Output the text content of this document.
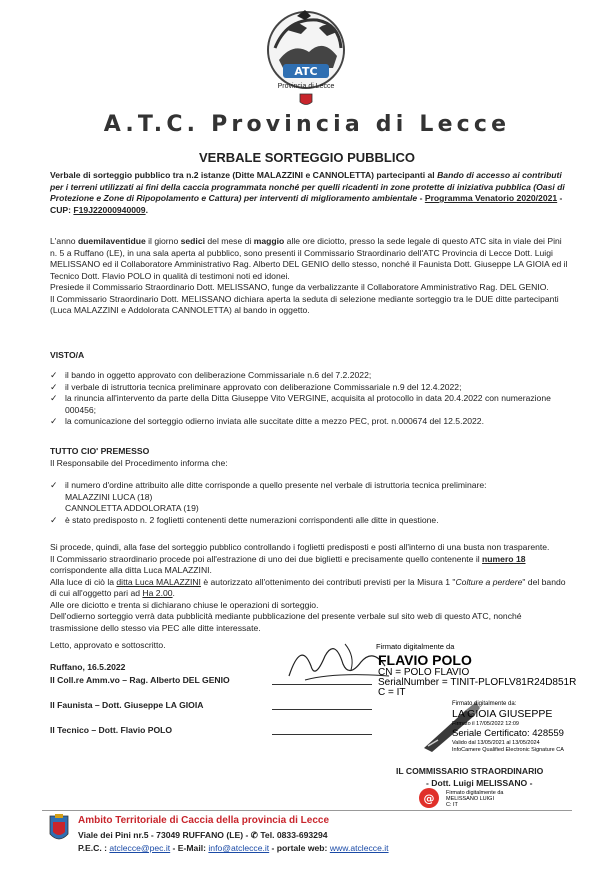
ATC
Provincia di Lecce
A.T.C. Provincia di Lecce
VERBALE SORTEGGIO PUBBLICO
Verbale di sorteggio pubblico tra n.2 istanze (Ditte MALAZZINI e CANNOLETTA) partecipanti al Bando di accesso ai contributi per i terreni utilizzati ai fini della caccia programmata nonché per quelli ricadenti in zone protette di iniziativa pubblica (Oasi di Protezione e Zone di Ripopolamento e Cattura) per interventi di miglioramento ambientale - Programma Venatorio 2020/2021 - CUP: F19J22000940009.
L'anno duemilaventidue il giorno sedici del mese di maggio alle ore diciotto, presso la sede legale di questo ATC sita in viale dei Pini n. 5 a Ruffano (LE), in una sala aperta al pubblico, sono presenti il Commissario Straordinario dell'ATC Provincia di Lecce Dott. Luigi MELISSANO ed il Collaboratore Amministrativo Rag. Alberto DEL GENIO dello stesso, nonché il Faunista Dott. Giuseppe LA GIOIA ed il Tecnico Dott. Flavio POLO in qualità di testimoni noti ed idonei.
Presiede il Commissario Straordinario Dott. MELISSANO, funge da verbalizzante il Collaboratore Amministrativo Rag. DEL GENIO.
Il Commissario Straordinario Dott. MELISSANO dichiara aperta la seduta di selezione mediante sorteggio tra le DUE ditte partecipanti (Luca MALAZZINI e Addolorata CANNOLETTA) al bando in oggetto.
VISTO/A
✓ il bando in oggetto approvato con deliberazione Commissariale n.6 del 7.2.2022;
✓ il verbale di istruttoria tecnica preliminare approvato con deliberazione Commissariale n.9 del 12.4.2022;
✓ la rinuncia all'intervento da parte della Ditta Giuseppe Vito VERGINE, acquisita al protocollo in data 20.4.2022 con numerazione 000456;
✓ la comunicazione del sorteggio odierno inviata alle succitate ditte a mezzo PEC, prot. n.000674 del 12.5.2022.
TUTTO CIO' PREMESSO
Il Responsabile del Procedimento informa che:
✓ il numero d'ordine attribuito alle ditte corrisponde a quello presente nel verbale di istruttoria tecnica preliminare:
MALAZZINI LUCA (18)
CANNOLETTA ADDOLORATA (19)
✓ è stato predisposto n. 2 foglietti contenenti dette numerazioni corrispondenti alle ditte in questione.
Si procede, quindi, alla fase del sorteggio pubblico controllando i foglietti predisposti e posti all'interno di una busta non trasparente.
Il Commissario straordinario procede poi all'estrazione di uno dei due biglietti e precisamente quello contenente il numero 18 corrispondente alla ditta Luca MALAZZINI.
Alla luce di ciò la ditta Luca MALAZZINI è autorizzato all'ottenimento dei contributi previsti per la Misura 1 "Colture a perdere" del bando di cui all'oggetto pari ad Ha 2.00.
Alle ore diciotto e trenta si dichiarano chiuse le operazioni di sorteggio.
Dell'odierno sorteggio verrà data pubblicità mediante pubblicazione del presente verbale sul sito web di questo ATC, nonché trasmissione dello stesso via PEC alle ditte interessate.
Letto, approvato e sottoscritto.
Ruffano, 16.5.2022
Il Coll.re Amm.vo – Rag. Alberto DEL GENIO
Il Faunista – Dott. Giuseppe LA GIOIA
Il Tecnico – Dott. Flavio POLO
Firmato digitalmente da
FLAVIO POLO
CN = POLO FLAVIO
SerialNumber = TINIT-PLOFLV81R24D851R
C = IT
Firmato digitalmente da:
LA GIOIA GIUSEPPE
Firmato il 17/05/2022 12:09
Seriale Certificato: 428559
Valido dal 13/05/2021 al 13/05/2024
InfoCamere Qualified Electronic Signature CA
IL COMMISSARIO STRAORDINARIO
- Dott. Luigi MELISSANO -
@ Firmato digitalmente da
MELISSANO LUIGI
C: IT
Ambito Territoriale di Caccia della provincia di Lecce
Viale dei Pini nr.5 - 73049 RUFFANO (LE) - ✆ Tel. 0833-693294
P.E.C. : atclecce@pec.it - E-Mail: info@atclecce.it - portale web: www.atclecce.it
